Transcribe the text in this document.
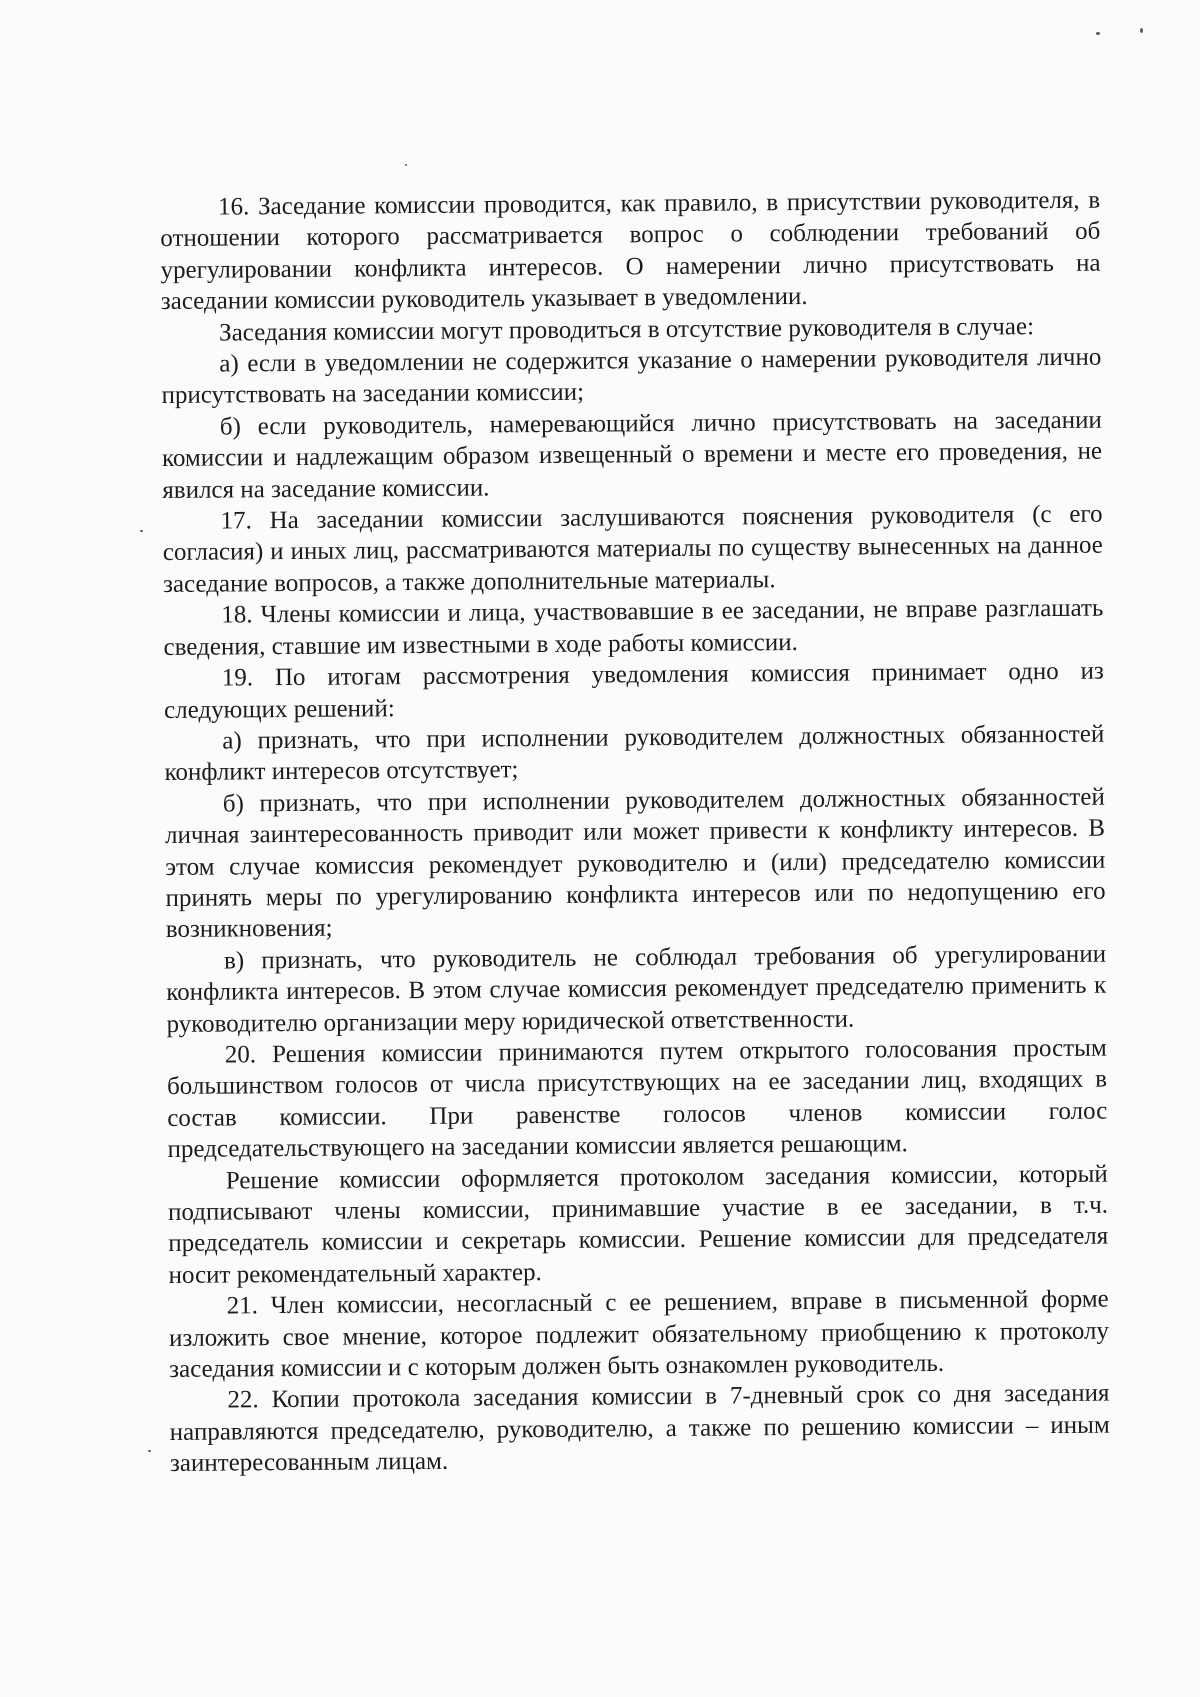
16. Заседание комиссии проводится, как правило, в присутствии руководителя, в отношении которого рассматривается вопрос о соблюдении требований об урегулировании конфликта интересов. О намерении лично присутствовать на заседании комиссии руководитель указывает в уведомлении.

Заседания комиссии могут проводиться в отсутствие руководителя в случае:

а) если в уведомлении не содержится указание о намерении руководителя лично присутствовать на заседании комиссии;

б) если руководитель, намеревающийся лично присутствовать на заседании комиссии и надлежащим образом извещенный о времени и месте его проведения, не явился на заседание комиссии.

17. На заседании комиссии заслушиваются пояснения руководителя (с его согласия) и иных лиц, рассматриваются материалы по существу вынесенных на данное заседание вопросов, а также дополнительные материалы.

18. Члены комиссии и лица, участвовавшие в ее заседании, не вправе разглашать сведения, ставшие им известными в ходе работы комиссии.

19. По итогам рассмотрения уведомления комиссия принимает одно из следующих решений:

а) признать, что при исполнении руководителем должностных обязанностей конфликт интересов отсутствует;

б) признать, что при исполнении руководителем должностных обязанностей личная заинтересованность приводит или может привести к конфликту интересов. В этом случае комиссия рекомендует руководителю и (или) председателю комиссии принять меры по урегулированию конфликта интересов или по недопущению его возникновения;

в) признать, что руководитель не соблюдал требования об урегулировании конфликта интересов. В этом случае комиссия рекомендует председателю применить к руководителю организации меру юридической ответственности.

20. Решения комиссии принимаются путем открытого голосования простым большинством голосов от числа присутствующих на ее заседании лиц, входящих в состав комиссии. При равенстве голосов членов комиссии голос председательствующего на заседании комиссии является решающим.

Решение комиссии оформляется протоколом заседания комиссии, который подписывают члены комиссии, принимавшие участие в ее заседании, в т.ч. председатель комиссии и секретарь комиссии. Решение комиссии для председателя носит рекомендательный характер.

21. Член комиссии, несогласный с ее решением, вправе в письменной форме изложить свое мнение, которое подлежит обязательному приобщению к протоколу заседания комиссии и с которым должен быть ознакомлен руководитель.

22. Копии протокола заседания комиссии в 7-дневный срок со дня заседания направляются председателю, руководителю, а также по решению комиссии – иным заинтересованным лицам.
